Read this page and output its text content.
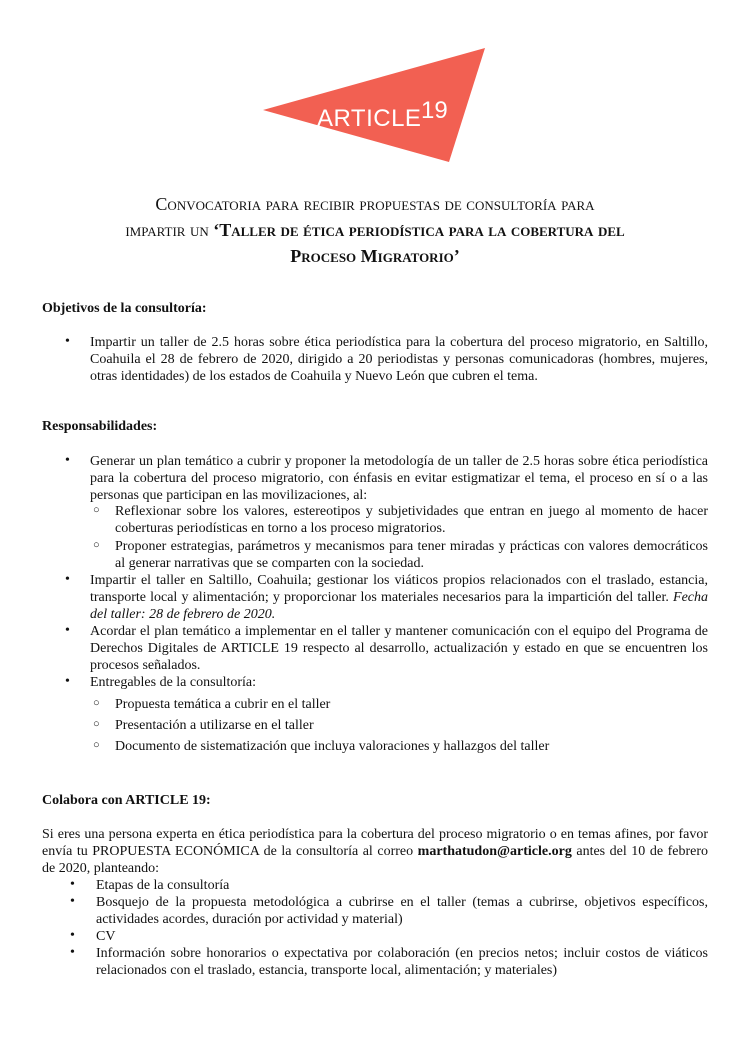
ARTICLE 19
Convocatoria para recibir propuestas de consultoría para
impartir un ‘Taller de ética periodística para la cobertura del
Proceso Migratorio’
Objetivos de la consultoría:
• Impartir un taller de 2.5 horas sobre ética periodística para la cobertura del proceso migratorio, en Saltillo, Coahuila el 28 de febrero de 2020, dirigido a 20 periodistas y personas comunicadoras (hombres, mujeres, otras identidades) de los estados de Coahuila y Nuevo León que cubren el tema.
Responsabilidades:
• Generar un plan temático a cubrir y proponer la metodología de un taller de 2.5 horas sobre ética periodística para la cobertura del proceso migratorio, con énfasis en evitar estigmatizar el tema, el proceso en sí o a las personas que participan en las movilizaciones, al:
○ Reflexionar sobre los valores, estereotipos y subjetividades que entran en juego al momento de hacer coberturas periodísticas en torno a los proceso migratorios.
○ Proponer estrategias, parámetros y mecanismos para tener miradas y prácticas con valores democráticos al generar narrativas que se comparten con la sociedad.
• Impartir el taller en Saltillo, Coahuila; gestionar los viáticos propios relacionados con el traslado, estancia, transporte local y alimentación; y proporcionar los materiales necesarios para la impartición del taller. Fecha del taller: 28 de febrero de 2020.
• Acordar el plan temático a implementar en el taller y mantener comunicación con el equipo del Programa de Derechos Digitales de ARTICLE 19 respecto al desarrollo, actualización y estado en que se encuentren los procesos señalados.
• Entregables de la consultoría:
○ Propuesta temática a cubrir en el taller
○ Presentación a utilizarse en el taller
○ Documento de sistematización que incluya valoraciones y hallazgos del taller
Colabora con ARTICLE 19:
Si eres una persona experta en ética periodística para la cobertura del proceso migratorio o en temas afines, por favor envía tu PROPUESTA ECONÓMICA de la consultoría al correo marthatudon@article.org antes del 10 de febrero de 2020, planteando:
• Etapas de la consultoría
• Bosquejo de la propuesta metodológica a cubrirse en el taller (temas a cubrirse, objetivos específicos, actividades acordes, duración por actividad y material)
• CV
• Información sobre honorarios o expectativa por colaboración (en precios netos; incluir costos de viáticos relacionados con el traslado, estancia, transporte local, alimentación; y materiales)
